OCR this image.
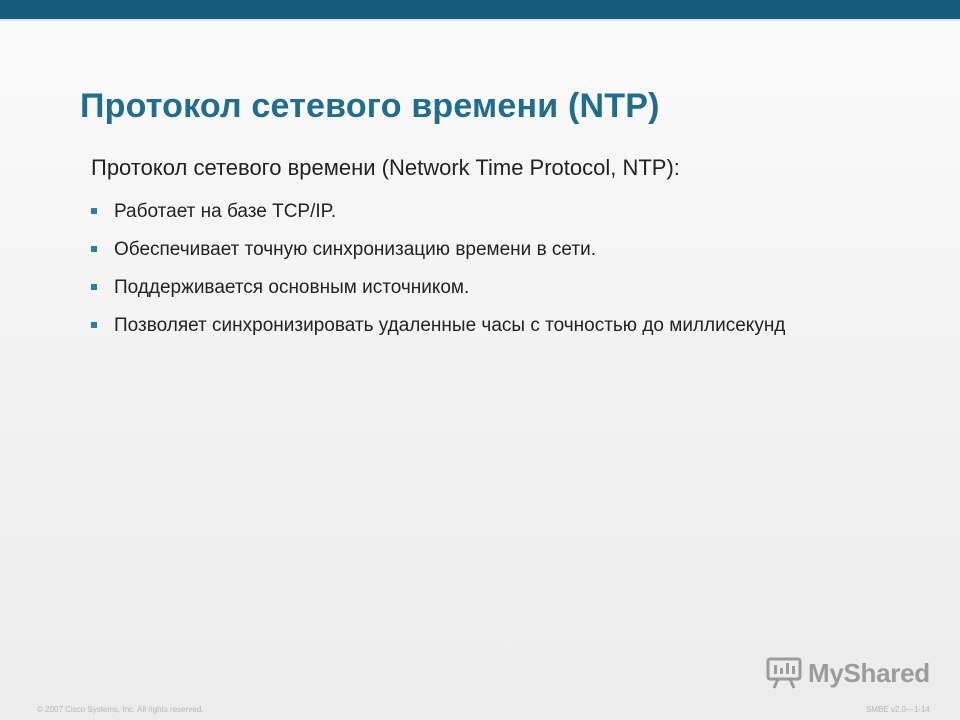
Протокол сетевого времени (NTP)

Протокол сетевого времени (Network Time Protocol, NTP):

Работает на базе TCP/IP.
Обеспечивает точную синхронизацию времени в сети.
Поддерживается основным источником.
Позволяет синхронизировать удаленные часы с точностью до миллисекунд
© 2007 Cisco Systems, Inc. All rights reserved.	SMBE v2.0—1-14
MyShared
